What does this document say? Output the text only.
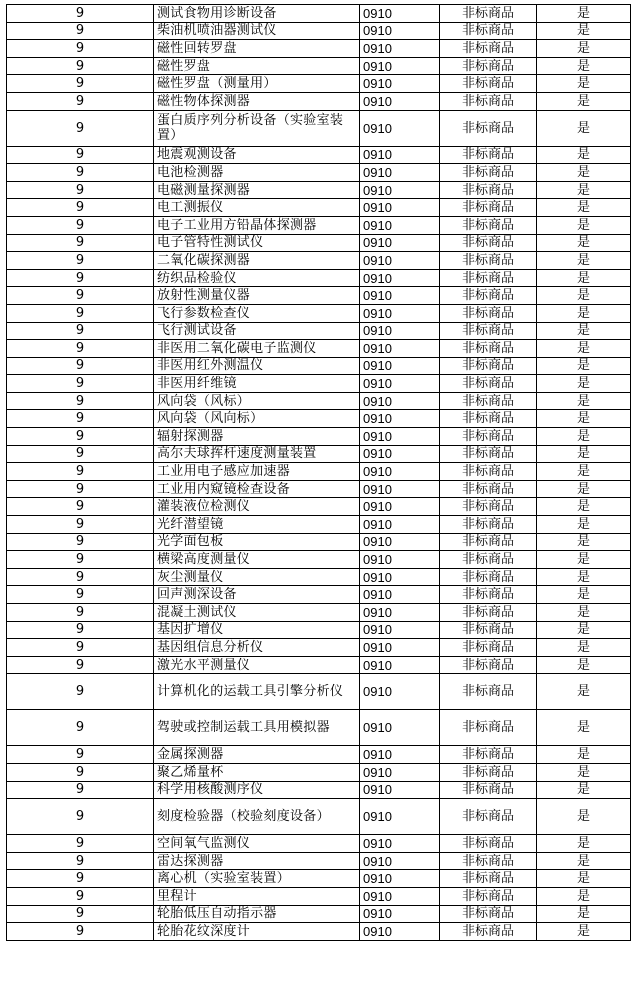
9	测试食物用诊断设备	0910	非标商品	是
9	柴油机喷油器测试仪	0910	非标商品	是
9	磁性回转罗盘	0910	非标商品	是
9	磁性罗盘	0910	非标商品	是
9	磁性罗盘（测量用）	0910	非标商品	是
9	磁性物体探测器	0910	非标商品	是
9	蛋白质序列分析设备（实验室装置）	0910	非标商品	是
9	地震观测设备	0910	非标商品	是
9	电池检测器	0910	非标商品	是
9	电磁测量探测器	0910	非标商品	是
9	电工测振仪	0910	非标商品	是
9	电子工业用方铅晶体探测器	0910	非标商品	是
9	电子管特性测试仪	0910	非标商品	是
9	二氧化碳探测器	0910	非标商品	是
9	纺织品检验仪	0910	非标商品	是
9	放射性测量仪器	0910	非标商品	是
9	飞行参数检查仪	0910	非标商品	是
9	飞行测试设备	0910	非标商品	是
9	非医用二氧化碳电子监测仪	0910	非标商品	是
9	非医用红外测温仪	0910	非标商品	是
9	非医用纤维镜	0910	非标商品	是
9	风向袋（风标）	0910	非标商品	是
9	风向袋（风向标）	0910	非标商品	是
9	辐射探测器	0910	非标商品	是
9	高尔夫球挥杆速度测量装置	0910	非标商品	是
9	工业用电子感应加速器	0910	非标商品	是
9	工业用内窥镜检查设备	0910	非标商品	是
9	灌装液位检测仪	0910	非标商品	是
9	光纤潜望镜	0910	非标商品	是
9	光学面包板	0910	非标商品	是
9	横梁高度测量仪	0910	非标商品	是
9	灰尘测量仪	0910	非标商品	是
9	回声测深设备	0910	非标商品	是
9	混凝土测试仪	0910	非标商品	是
9	基因扩增仪	0910	非标商品	是
9	基因组信息分析仪	0910	非标商品	是
9	激光水平测量仪	0910	非标商品	是
9	计算机化的运载工具引擎分析仪	0910	非标商品	是
9	驾驶或控制运载工具用模拟器	0910	非标商品	是
9	金属探测器	0910	非标商品	是
9	聚乙烯量杯	0910	非标商品	是
9	科学用核酸测序仪	0910	非标商品	是
9	刻度检验器（校验刻度设备）	0910	非标商品	是
9	空间氧气监测仪	0910	非标商品	是
9	雷达探测器	0910	非标商品	是
9	离心机（实验室装置）	0910	非标商品	是
9	里程计	0910	非标商品	是
9	轮胎低压自动指示器	0910	非标商品	是
9	轮胎花纹深度计	0910	非标商品	是
